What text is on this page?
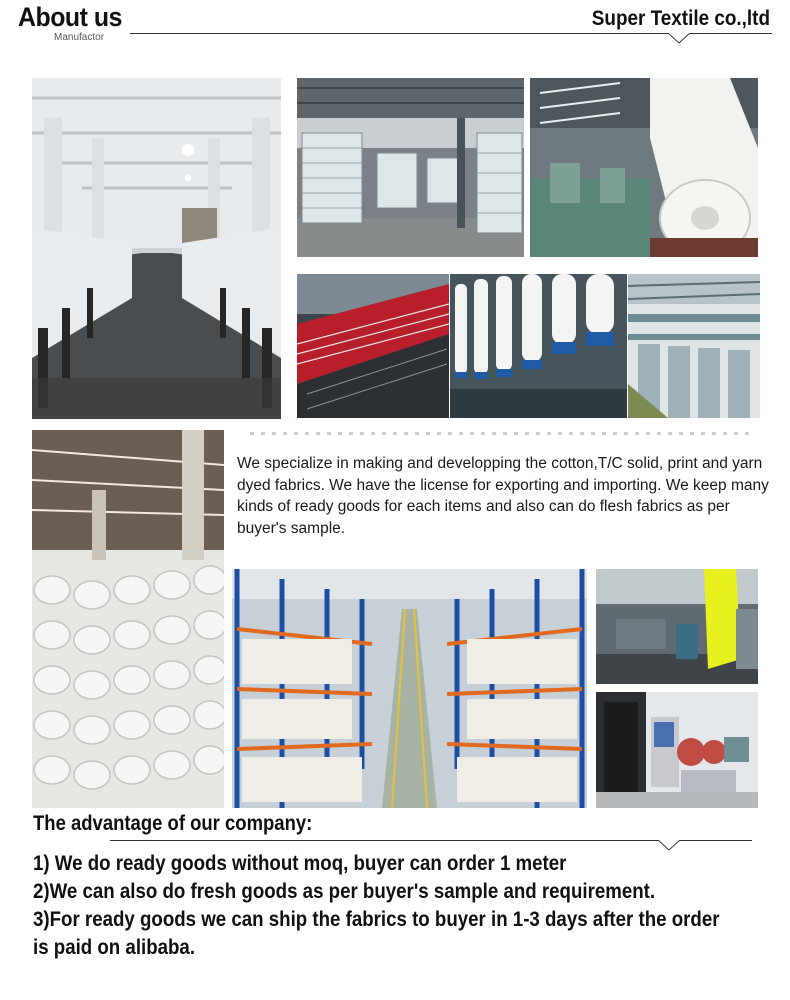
About us
Manufactor
Super Textile co.,ltd
We specialize in making and developping the cotton,T/C solid, print and yarn dyed fabrics. We have the license for exporting and importing. We keep many kinds of ready goods for each items and also can do flesh fabrics as per buyer's sample.
The advantage of our company:

1) We do ready goods without moq, buyer can order 1 meter

2)We can also do fresh goods as per buyer's sample and requirement.

3)For ready goods we can ship the fabrics to buyer in 1-3 days after the order

is paid on alibaba.
